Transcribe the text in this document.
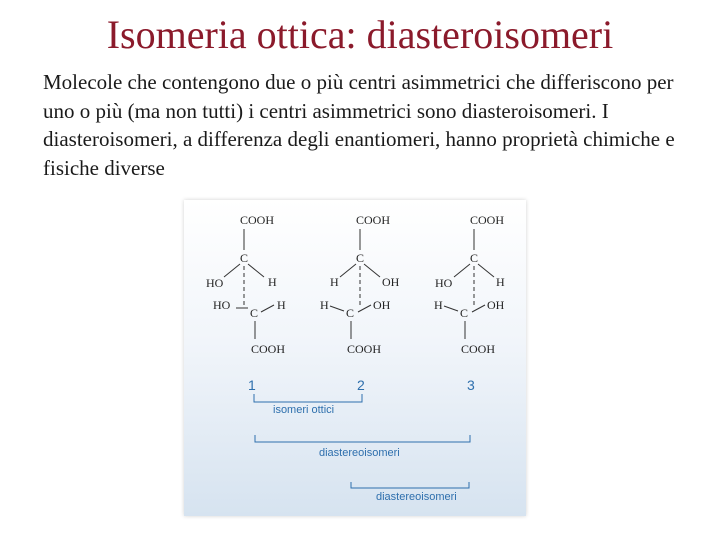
Isomeria ottica: diasteroisomeri
Molecole che contengono due o più centri asimmetrici che differiscono per uno o più (ma non tutti) i centri asimmetrici sono diasteroisomeri. I diasteroisomeri, a differenza degli enantiomeri, hanno proprietà chimiche e fisiche diverse
COOH
C
HO	H
HO
C
H
COOH
COOH
C
H	OH
H
C
OH
COOH
COOH
C
HO	H
H
C
OH
COOH
1	2	3
isomeri ottici
diastereoisomeri
diastereoisomeri
